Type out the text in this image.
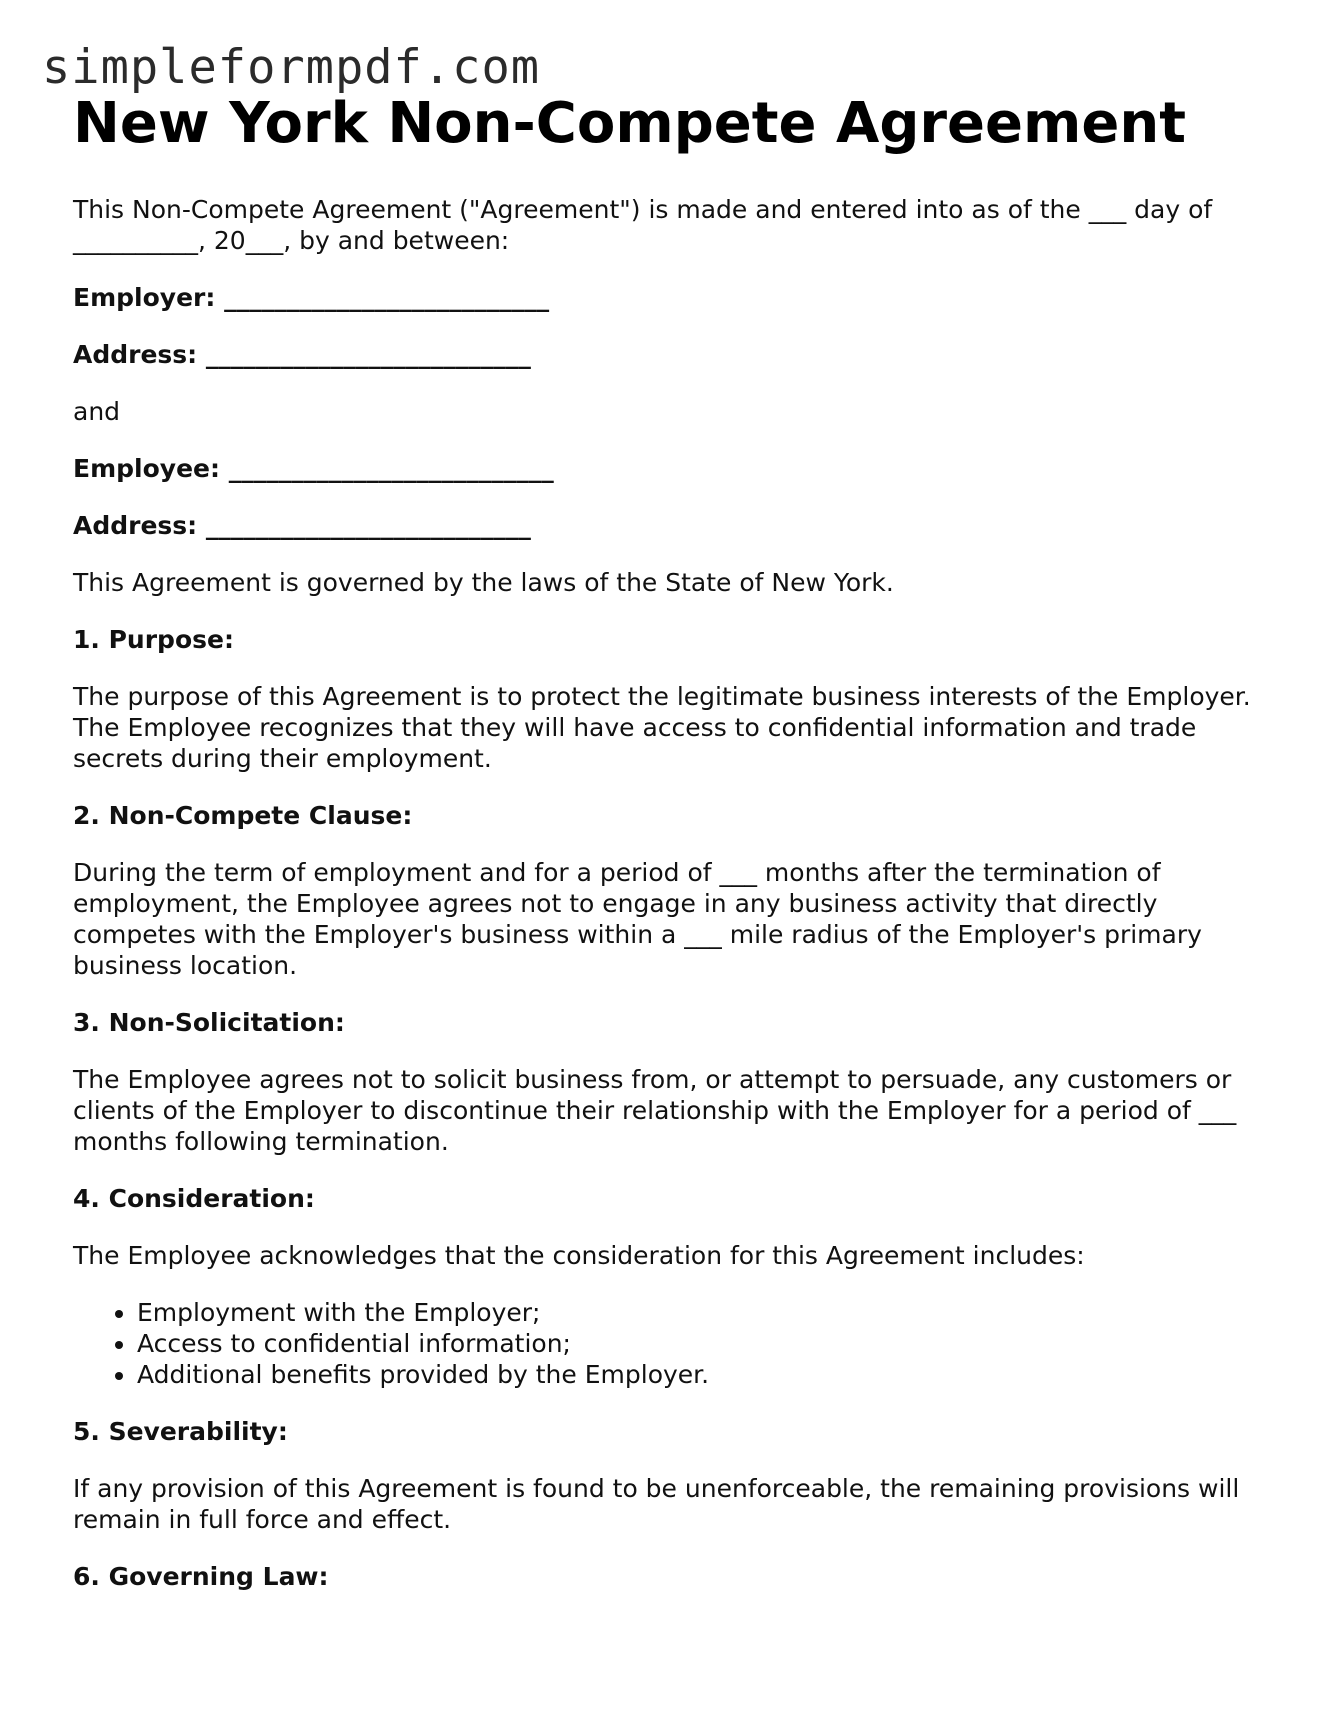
simpleformpdf.com
New York Non-Compete Agreement

This Non-Compete Agreement ("Agreement") is made and entered into as of the ___ day of __________, 20___, by and between:

Employer: __________________________

Address: __________________________

and

Employee: __________________________

Address: __________________________

This Agreement is governed by the laws of the State of New York.

1. Purpose:

The purpose of this Agreement is to protect the legitimate business interests of the Employer. The Employee recognizes that they will have access to confidential information and trade secrets during their employment.

2. Non-Compete Clause:

During the term of employment and for a period of ___ months after the termination of employment, the Employee agrees not to engage in any business activity that directly competes with the Employer's business within a ___ mile radius of the Employer's primary business location.

3. Non-Solicitation:

The Employee agrees not to solicit business from, or attempt to persuade, any customers or clients of the Employer to discontinue their relationship with the Employer for a period of ___ months following termination.

4. Consideration:

The Employee acknowledges that the consideration for this Agreement includes:

• Employment with the Employer;
• Access to confidential information;
• Additional benefits provided by the Employer.
5. Severability:

If any provision of this Agreement is found to be unenforceable, the remaining provisions will remain in full force and effect.

6. Governing Law:
